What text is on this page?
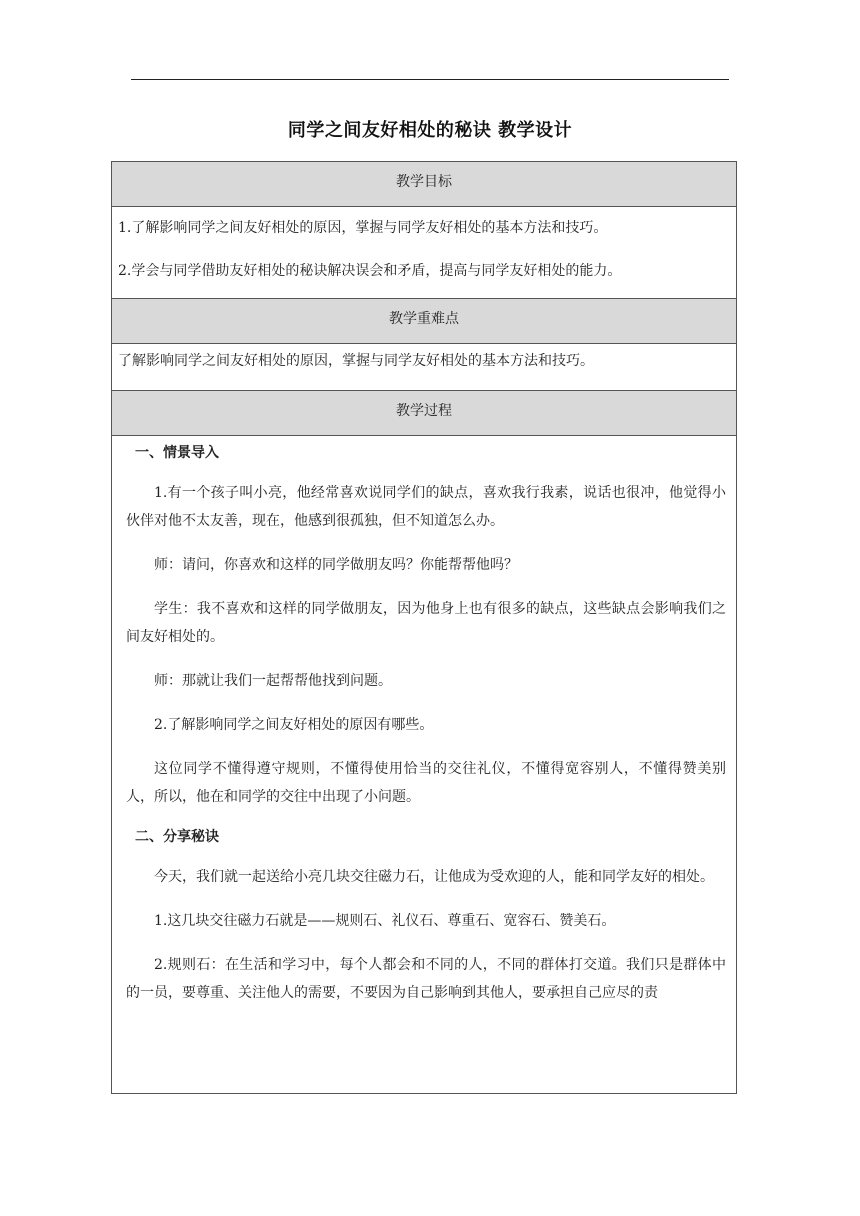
同学之间友好相处的秘诀 教学设计
教学目标

1.了解影响同学之间友好相处的原因，掌握与同学友好相处的基本方法和技巧。

2.学会与同学借助友好相处的秘诀解决误会和矛盾，提高与同学友好相处的能力。

教学重难点

了解影响同学之间友好相处的原因，掌握与同学友好相处的基本方法和技巧。

教学过程
一、情景导入

1.有一个孩子叫小亮，他经常喜欢说同学们的缺点，喜欢我行我素，说话也很冲，他觉得小伙伴对他不太友善，现在，他感到很孤独，但不知道怎么办。

师：请问，你喜欢和这样的同学做朋友吗？你能帮帮他吗？

学生：我不喜欢和这样的同学做朋友，因为他身上也有很多的缺点，这些缺点会影响我们之间友好相处的。

师：那就让我们一起帮帮他找到问题。

2.了解影响同学之间友好相处的原因有哪些。

这位同学不懂得遵守规则，不懂得使用恰当的交往礼仪，不懂得宽容别人，不懂得赞美别人，所以，他在和同学的交往中出现了小问题。

二、分享秘诀

今天，我们就一起送给小亮几块交往磁力石，让他成为受欢迎的人，能和同学友好的相处。

1.这几块交往磁力石就是——规则石、礼仪石、尊重石、宽容石、赞美石。

2.规则石：在生活和学习中，每个人都会和不同的人，不同的群体打交道。我们只是群体中的一员，要尊重、关注他人的需要，不要因为自己影响到其他人，要承担自己应尽的责
